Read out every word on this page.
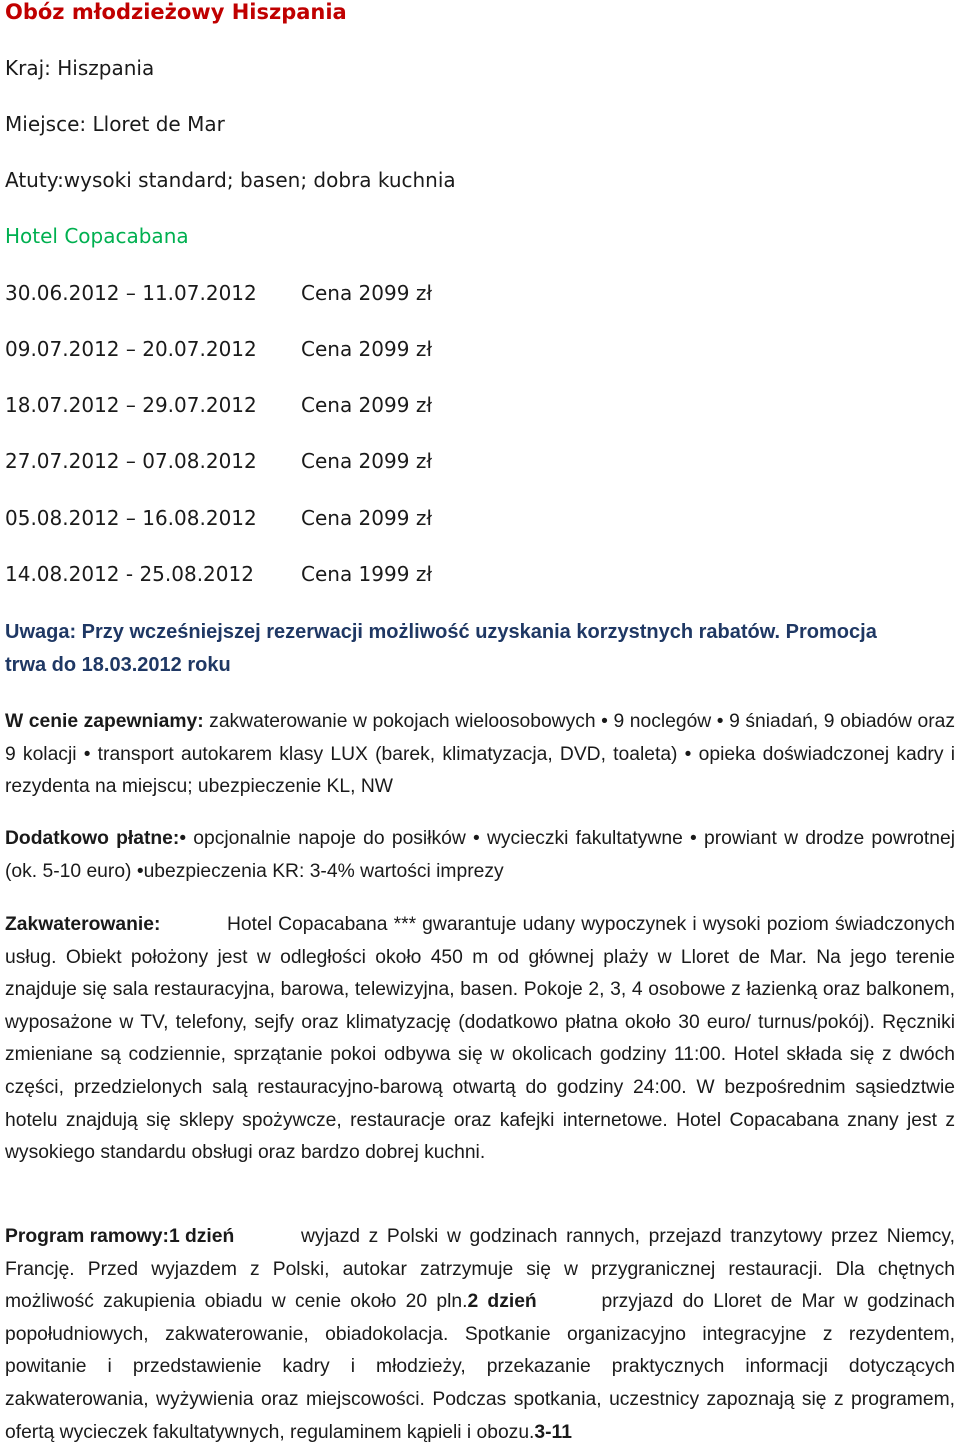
Obóz młodzieżowy Hiszpania
Kraj: Hiszpania
Miejsce: Lloret de Mar
Atuty:wysoki standard; basen; dobra kuchnia
Hotel Copacabana
30.06.2012 – 11.07.2012 Cena 2099 zł
09.07.2012 – 20.07.2012 Cena 2099 zł
18.07.2012 – 29.07.2012 Cena 2099 zł
27.07.2012 – 07.08.2012 Cena 2099 zł
05.08.2012 – 16.08.2012 Cena 2099 zł
14.08.2012 - 25.08.2012 Cena 1999 zł
Uwaga: Przy wcześniejszej rezerwacji możliwość uzyskania korzystnych rabatów. Promocja
trwa do 18.03.2012 roku
W cenie zapewniamy: zakwaterowanie w pokojach wieloosobowych • 9 noclegów • 9 śniadań, 9 obiadów oraz 9 kolacji • transport autokarem klasy LUX (barek, klimatyzacja, DVD, toaleta) • opieka doświadczonej kadry i rezydenta na miejscu; ubezpieczenie KL, NW
Dodatkowo płatne:• opcjonalnie napoje do posiłków • wycieczki fakultatywne • prowiant w drodze powrotnej (ok. 5-10 euro) •ubezpieczenia KR: 3-4% wartości imprezy
Zakwaterowanie:	Hotel Copacabana *** gwarantuje udany wypoczynek i wysoki poziom świadczonych usług. Obiekt położony jest w odległości około 450 m od głównej plaży w Lloret de Mar. Na jego terenie znajduje się sala restauracyjna, barowa, telewizyjna, basen. Pokoje 2, 3, 4 osobowe z łazienką oraz balkonem, wyposażone w TV, telefony, sejfy oraz klimatyzację (dodatkowo płatna około 30 euro/ turnus/pokój). Ręczniki zmieniane są codziennie, sprzątanie pokoi odbywa się w okolicach godziny 11:00. Hotel składa się z dwóch części, przedzielonych salą restauracyjno-barową otwartą do godziny 24:00. W bezpośrednim sąsiedztwie hotelu znajdują się sklepy spożywcze, restauracje oraz kafejki internetowe. Hotel Copacabana znany jest z wysokiego standardu obsługi oraz bardzo dobrej kuchni.
Program ramowy:1 dzień	wyjazd z Polski w godzinach rannych, przejazd tranzytowy przez Niemcy, Francję. Przed wyjazdem z Polski, autokar zatrzymuje się w przygranicznej restauracji. Dla chętnych możliwość zakupienia obiadu w cenie około 20 pln.2 dzień	przyjazd do Lloret de Mar w godzinach popołudniowych, zakwaterowanie, obiadokolacja. Spotkanie organizacyjno integracyjne z rezydentem, powitanie i przedstawienie kadry i młodzieży, przekazanie praktycznych informacji dotyczących zakwaterowania, wyżywienia oraz miejscowości. Podczas spotkania, uczestnicy zapoznają się z programem, ofertą wycieczek fakultatywnych, regulaminem kąpieli i obozu.3-11
